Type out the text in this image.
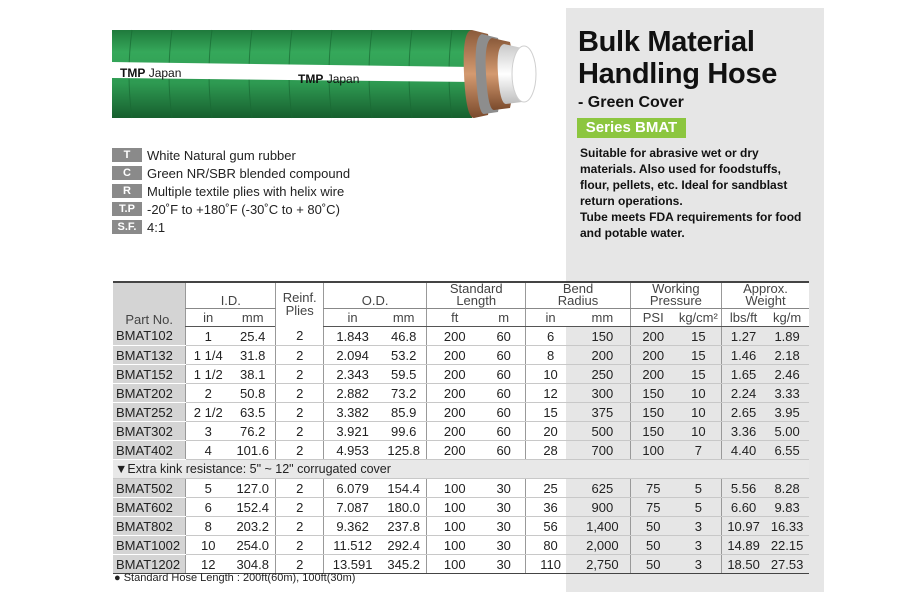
TMP Japan	TMP Japan
Bulk Material
Handling Hose
- Green Cover
Series BMAT

Suitable for abrasive wet or dry materials. Also used for foodstuffs, flour, pellets, etc. Ideal for sandblast return operations.

Tube meets FDA requirements for food and potable water.

T	White Natural gum rubber
C	Green NR/SBR blended compound
R	Multiple textile plies with helix wire
T.P -20˚F to +180˚F (-30˚C to + 80˚C)
S.F. 4:1
Part No.	I.D.		Reinf. Plies	O.D.		Standard Length		Bend Radius		Working Pressure		Approx. Weight	

	in	mm		in	mm	ft	m	in	mm	PSI	kg/cm²	lbs/ft	kg/m
BMAT102	1	25.4	2	1.843	46.8	200	60	6	150	200	15	1.27	1.89
BMAT132	1 1/4	31.8	2	2.094	53.2	200	60	8	200	200	15	1.46	2.18
BMAT152	1 1/2	38.1	2	2.343	59.5	200	60	10	250	200	15	1.65	2.46
BMAT202	2	50.8	2	2.882	73.2	200	60	12	300	150	10	2.24	3.33
BMAT252	2 1/2	63.5	2	3.382	85.9	200	60	15	375	150	10	2.65	3.95
BMAT302	3	76.2	2	3.921	99.6	200	60	20	500	150	10	3.36	5.00
BMAT402	4	101.6	2	4.953	125.8	200	60	28	700	100	7	4.40	6.55
▼Extra kink resistance: 5" ~ 12" corrugated cover													
BMAT502	5	127.0	2	6.079	154.4	100	30	25	625	75	5	5.56	8.28
BMAT602	6	152.4	2	7.087	180.0	100	30	36	900	75	5	6.60	9.83
BMAT802	8	203.2	2	9.362	237.8	100	30	56	1,400	50	3	10.97	16.33
BMAT1002	10	254.0	2	11.512	292.4	100	30	80	2,000	50	3	14.89	22.15
BMAT1202	12	304.8	2	13.591	345.2	100	30	110	2,750	50	3	18.50	27.53
● Standard Hose Length : 200ft(60m), 100ft(30m)
